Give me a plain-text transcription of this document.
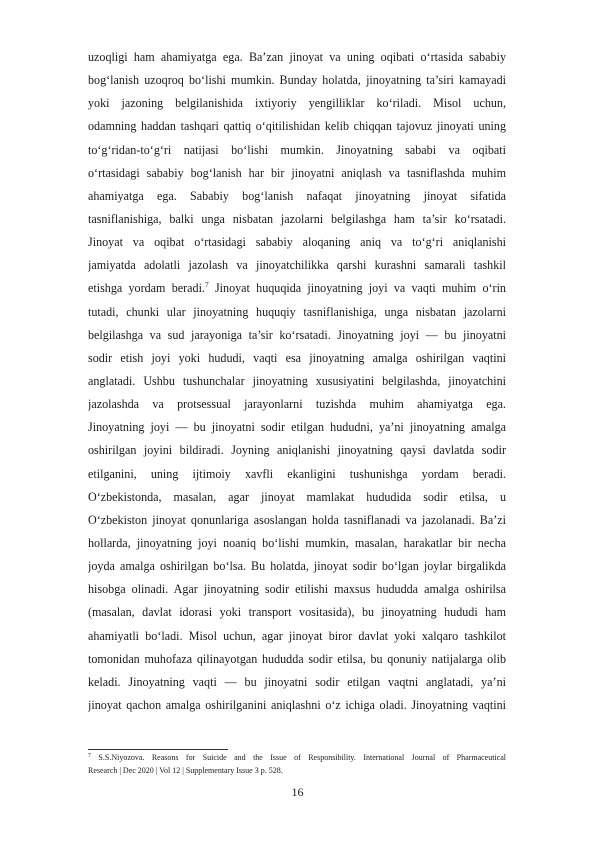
uzoqligi ham ahamiyatga ega. Ba’zan jinoyat va uning oqibati o‘rtasida sababiy
bog‘lanish uzoqroq bo‘lishi mumkin. Bunday holatda, jinoyatning ta’siri kamayadi
yoki jazoning belgilanishida ixtiyoriy yengilliklar ko‘riladi. Misol uchun,
odamning haddan tashqari qattiq o‘qitilishidan kelib chiqqan tajovuz jinoyati uning
to‘g‘ridan-to‘g‘ri natijasi bo‘lishi mumkin. Jinoyatning sababi va oqibati
o‘rtasidagi sababiy bog‘lanish har bir jinoyatni aniqlash va tasniflashda muhim
ahamiyatga ega. Sababiy bog‘lanish nafaqat jinoyatning jinoyat sifatida
tasniflanishiga, balki unga nisbatan jazolarni belgilashga ham ta’sir ko‘rsatadi.
Jinoyat va oqibat o‘rtasidagi sababiy aloqaning aniq va to‘g‘ri aniqlanishi
jamiyatda adolatli jazolash va jinoyatchilikka qarshi kurashni samarali tashkil
etishga yordam beradi.$^7$ Jinoyat huquqida jinoyatning joyi va vaqti muhim o‘rin
tutadi, chunki ular jinoyatning huquqiy tasniflanishiga, unga nisbatan jazolarni
belgilashga va sud jarayoniga ta’sir ko‘rsatadi. Jinoyatning joyi — bu jinoyatni
sodir etish joyi yoki hududi, vaqti esa jinoyatning amalga oshirilgan vaqtini
anglatadi. Ushbu tushunchalar jinoyatning xususiyatini belgilashda, jinoyatchini
jazolashda va protsessual jarayonlarni tuzishda muhim ahamiyatga ega.
Jinoyatning joyi — bu jinoyatni sodir etilgan hududni, ya’ni jinoyatning amalga
oshirilgan joyini bildiradi. Joyning aniqlanishi jinoyatning qaysi davlatda sodir
etilganini, uning ijtimoiy xavfli ekanligini tushunishga yordam beradi.
O‘zbekistonda, masalan, agar jinoyat mamlakat hududida sodir etilsa, u
O‘zbekiston jinoyat qonunlariga asoslangan holda tasniflanadi va jazolanadi. Ba’zi
hollarda, jinoyatning joyi noaniq bo‘lishi mumkin, masalan, harakatlar bir necha
joyda amalga oshirilgan bo‘lsa. Bu holatda, jinoyat sodir bo‘lgan joylar birgalikda
hisobga olinadi. Agar jinoyatning sodir etilishi maxsus hududda amalga oshirilsa
(masalan, davlat idorasi yoki transport vositasida), bu jinoyatning hududi ham
ahamiyatli bo‘ladi. Misol uchun, agar jinoyat biror davlat yoki xalqaro tashkilot
tomonidan muhofaza qilinayotgan hududda sodir etilsa, bu qonuniy natijalarga olib
keladi. Jinoyatning vaqti — bu jinoyatni sodir etilgan vaqtni anglatadi, ya’ni
jinoyat qachon amalga oshirilganini aniqlashni o‘z ichiga oladi. Jinoyatning vaqtini
$^7$ S.S.Niyozova. Reasons for Suicide and the Issue of Responsibility. International Journal of Pharmaceutical
Research | Dec 2020 | Vol 12 | Supplementary Issue 3 p. 528.
16
